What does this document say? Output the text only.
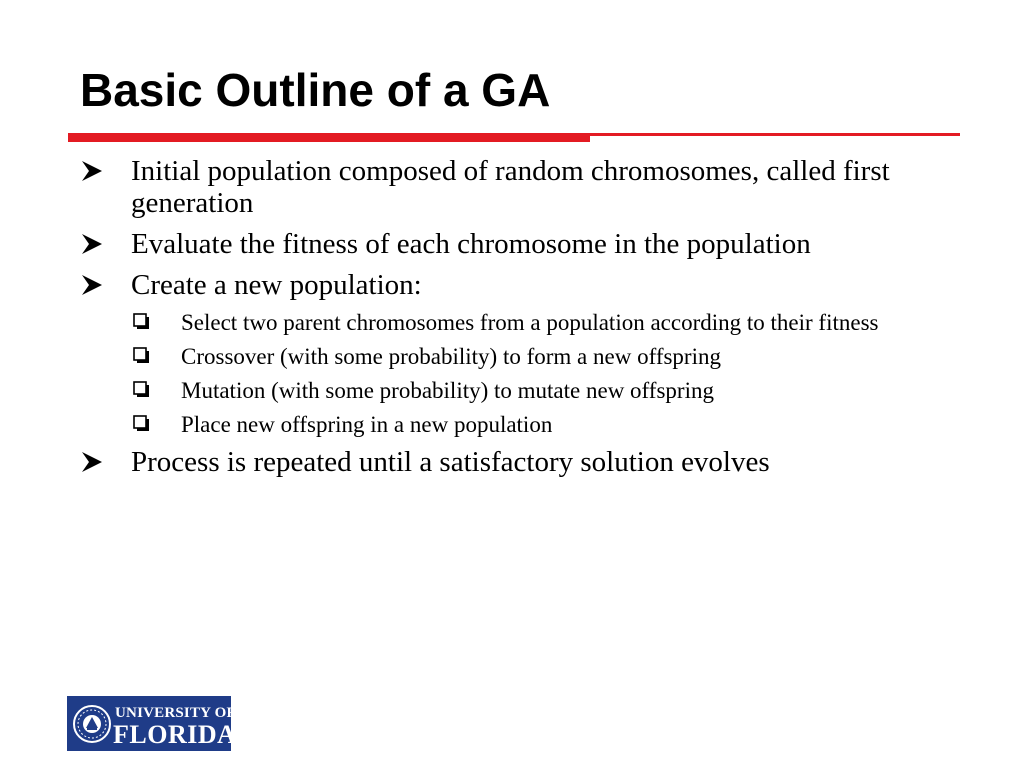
Basic Outline of a GA
Initial population composed of random chromosomes, called first generation
Evaluate the fitness of each chromosome in the population
Create a new population:
Select two parent chromosomes from a population according to their fitness
Crossover (with some probability) to form a new offspring
Mutation (with some probability) to mutate new offspring
Place new offspring in a new population
Process is repeated until a satisfactory solution evolves
UNIVERSITY OF
FLORIDA
